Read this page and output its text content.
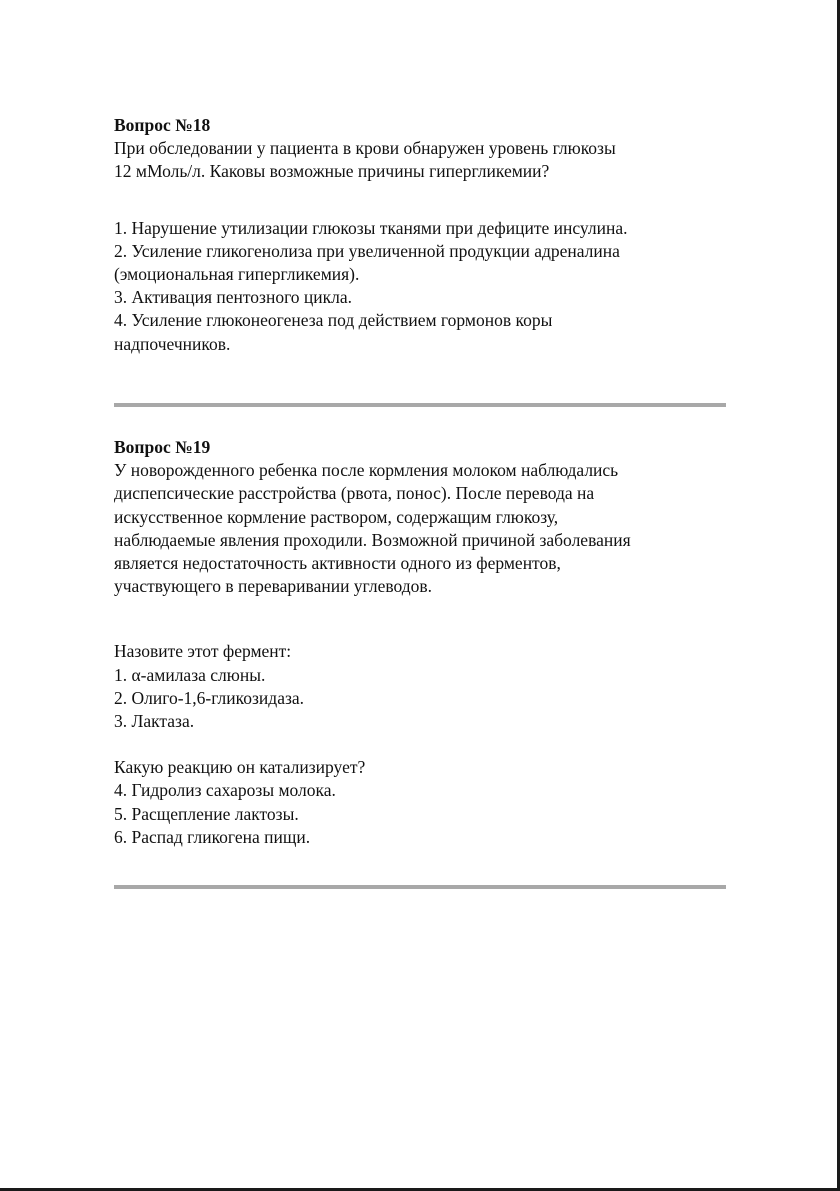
Вопрос №18

При обследовании у пациента в крови обнаружен уровень глюкозы

12 мМоль/л. Каковы возможные причины гипергликемии?

1. Нарушение утилизации глюкозы тканями при дефиците инсулина.

2. Усиление гликогенолиза при увеличенной продукции адреналина

(эмоциональная гипергликемия).

3. Активация пентозного цикла.

4. Усиление глюконеогенеза под действием гормонов коры

надпочечников.

Вопрос №19

У новорожденного ребенка после кормления молоком наблюдались

диспепсические расстройства (рвота, понос). После перевода на

искусственное кормление раствором, содержащим глюкозу,

наблюдаемые явления проходили. Возможной причиной заболевания

является недостаточность активности одного из ферментов,

участвующего в переваривании углеводов.

Назовите этот фермент:

1. α-амилаза слюны.

2. Олиго-1,6-гликозидаза.

3. Лактаза.

Какую реакцию он катализирует?

4. Гидролиз сахарозы молока.

5. Расщепление лактозы.

6. Распад гликогена пищи.
